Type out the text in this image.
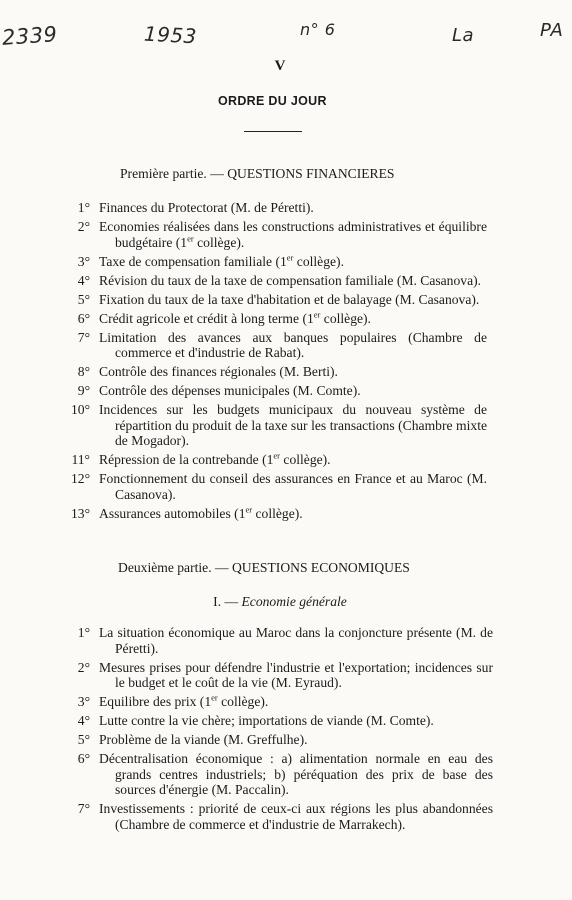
2339	1953	n° 6	La	PA
V
ORDRE DU JOUR
Première partie. — QUESTIONS FINANCIERES
1° Finances du Protectorat (M. de Péretti).
2° Economies réalisées dans les constructions administratives et équilibre budgétaire (1er collège).
3° Taxe de compensation familiale (1er collège).
4° Révision du taux de la taxe de compensation familiale (M. Casanova).
5° Fixation du taux de la taxe d'habitation et de balayage (M. Casanova).
6° Crédit agricole et crédit à long terme (1er collège).
7° Limitation des avances aux banques populaires (Chambre de commerce et d'industrie de Rabat).
8° Contrôle des finances régionales (M. Berti).
9° Contrôle des dépenses municipales (M. Comte).
10° Incidences sur les budgets municipaux du nouveau système de répartition du produit de la taxe sur les transactions (Chambre mixte de Mogador).
11° Répression de la contrebande (1er collège).
12° Fonctionnement du conseil des assurances en France et au Maroc (M. Casanova).
13° Assurances automobiles (1er collège).
Deuxième partie. — QUESTIONS ECONOMIQUES
I. — Economie générale
1° La situation économique au Maroc dans la conjoncture présente (M. de Péretti).
2° Mesures prises pour défendre l'industrie et l'exportation; incidences sur le budget et le coût de la vie (M. Eyraud).
3° Equilibre des prix (1er collège).
4° Lutte contre la vie chère; importations de viande (M. Comte).
5° Problème de la viande (M. Greffulhe).
6° Décentralisation économique : a) alimentation normale en eau des grands centres industriels; b) péréquation des prix de base des sources d'énergie (M. Paccalin).
7° Investissements : priorité de ceux-ci aux régions les plus abandonnées (Chambre de commerce et d'industrie de Marrakech).
